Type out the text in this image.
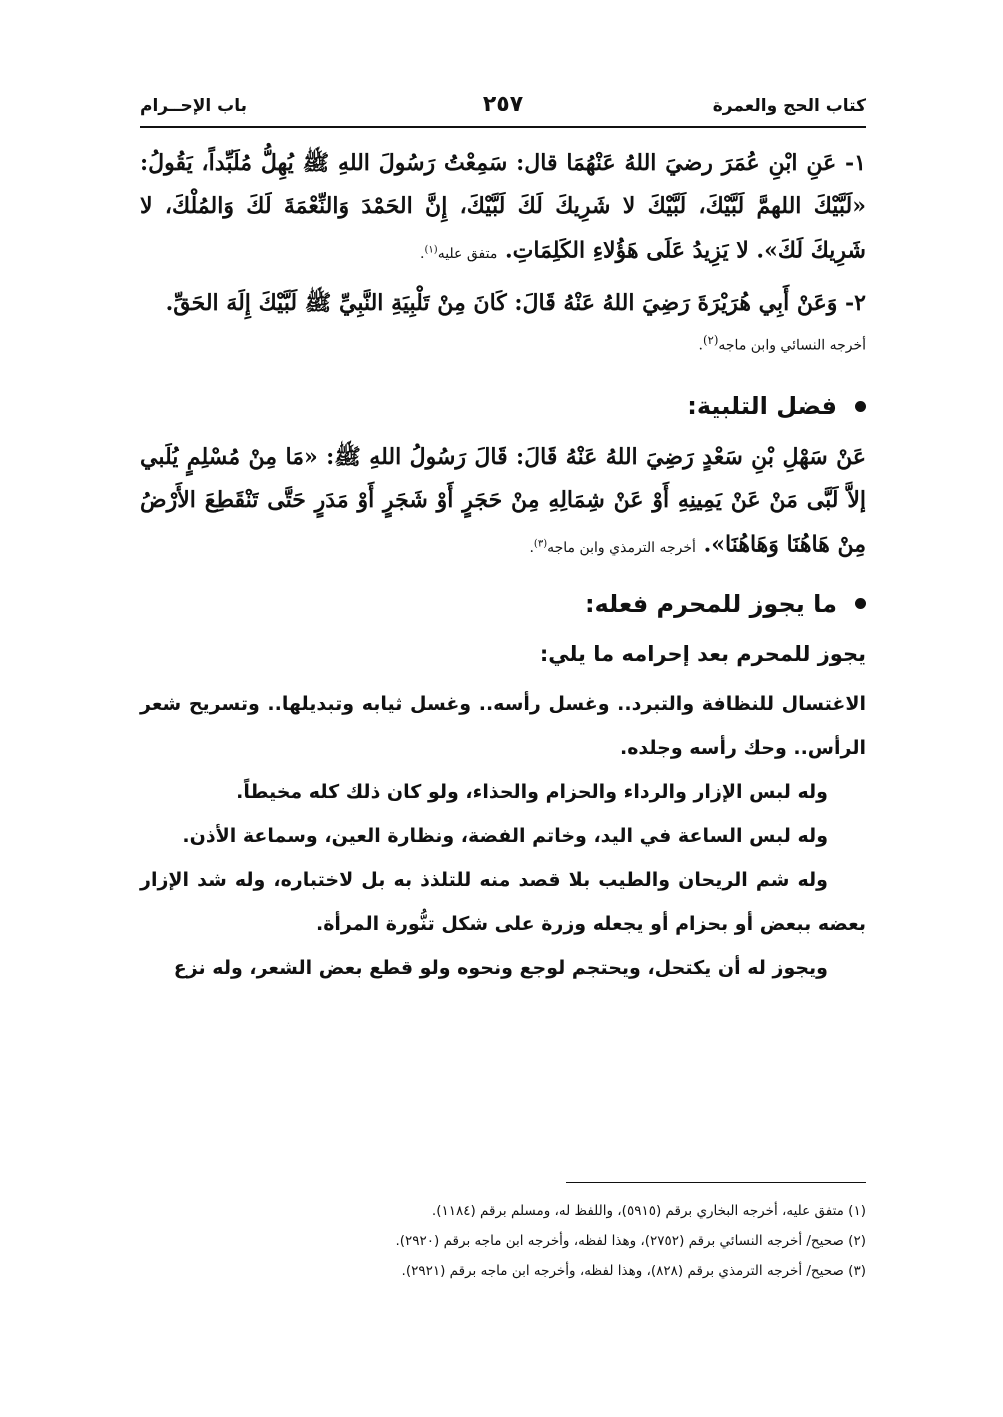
كتاب الحج والعمرة
٢٥٧
باب الإحــرام

١- عَنِ ابْنِ عُمَرَ رضيَ اللهُ عَنْهُمَا قال: سَمِعْتُ رَسُولَ اللهِ ﷺ يُهِلُّ مُلَبِّداً، يَقُولُ: «لَبَّيْكَ اللهمَّ لَبَّيْكَ، لَبَّيْكَ لا شَرِيكَ لَكَ لَبَّيْكَ، إِنَّ الحَمْدَ وَالنِّعْمَةَ لَكَ وَالمُلْكَ، لا شَرِيكَ لَكَ». لا يَزِيدُ عَلَى هَؤُلاءِ الكَلِمَاتِ. متفق عليه$^{(١)}$.

٢- وَعَنْ أَبِي هُرَيْرَةَ رَضِيَ اللهُ عَنْهُ قَالَ: كَانَ مِنْ تَلْبِيَةِ النَّبِيِّ ﷺ لَبَّيْكَ إِلَهَ الحَقِّ.

أخرجه النسائي وابن ماجه$^{(٢)}$.

فضل التلبية:

عَنْ سَهْلِ بْنِ سَعْدٍ رَضِيَ اللهُ عَنْهُ قَالَ: قَالَ رَسُولُ اللهِ ﷺ: «مَا مِنْ مُسْلِمٍ يُلَبي إلاَّ لَبَّى مَنْ عَنْ يَمِينِهِ أَوْ عَنْ شِمَالِهِ مِنْ حَجَرٍ أَوْ شَجَرٍ أَوْ مَدَرٍ حَتَّى تَنْقَطِعَ الأَرْضُ مِنْ هَاهُنَا وَهَاهُنَا». أخرجه الترمذي وابن ماجه$^{(٣)}$.

ما يجوز للمحرم فعله:
يجوز للمحرم بعد إحرامه ما يلي:

الاغتسال للنظافة والتبرد.. وغسل رأسه.. وغسل ثيابه وتبديلها.. وتسريح شعر الرأس.. وحك رأسه وجلده.

وله لبس الإزار والرداء والحزام والحذاء، ولو كان ذلك كله مخيطاً.

وله لبس الساعة في اليد، وخاتم الفضة، ونظارة العين، وسماعة الأذن.

وله شم الريحان والطيب بلا قصد منه للتلذذ به بل لاختباره، وله شد الإزار بعضه ببعض أو بحزام أو يجعله وزرة على شكل تنُّورة المرأة.

ويجوز له أن يكتحل، ويحتجم لوجع ونحوه ولو قطع بعض الشعر، وله نزع

(١) متفق عليه، أخرجه البخاري برقم (٥٩١٥)، واللفظ له، ومسلم برقم (١١٨٤).

(٢) صحيح/ أخرجه النسائي برقم (٢٧٥٢)، وهذا لفظه، وأخرجه ابن ماجه برقم (٢٩٢٠).

(٣) صحيح/ أخرجه الترمذي برقم (٨٢٨)، وهذا لفظه، وأخرجه ابن ماجه برقم (٢٩٢١).
